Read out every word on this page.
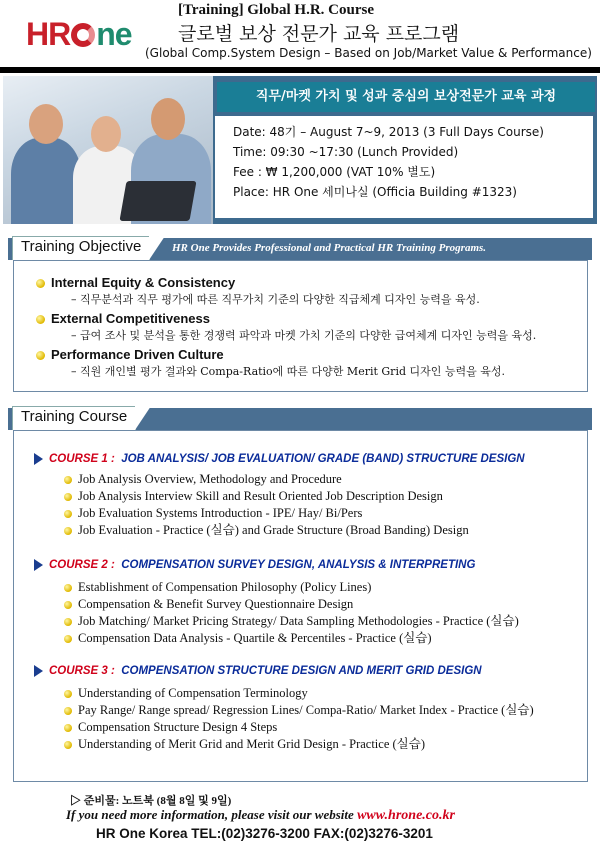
HR ne
[Training] Global H.R. Course
글로벌 보상 전문가 교육 프로그램
(Global Comp.System Design – Based on Job/Market Value & Performance)
직무/마켓 가치 및 성과 중심의 보상전문가 교육 과정
Date: 48기 – August 7~9, 2013 (3 Full Days Course)
Time: 09:30 ~17:30 (Lunch Provided)
Fee : ₩ 1,200,000 (VAT 10% 별도)
Place: HR One 세미나실 (Officia Building #1323)
Training Objective	HR One Provides Professional and Practical HR Training Programs.
Internal Equity & Consistency
– 직무분석과 직무 평가에 따른 직무가치 기준의 다양한 직급체계 디자인 능력을 육성.
External Competitiveness
– 급여 조사 및 분석을 통한 경쟁력 파악과 마켓 가치 기준의 다양한 급여체계 디자인 능력을 육성.
Performance Driven Culture
– 직원 개인별 평가 결과와 Compa-Ratio에 따른 다양한 Merit Grid 디자인 능력을 육성.
Training Course
COURSE 1 : JOB ANALYSIS/ JOB EVALUATION/ GRADE (BAND) STRUCTURE DESIGN
Job Analysis Overview, Methodology and Procedure
Job Analysis Interview Skill and Result Oriented Job Description Design
Job Evaluation Systems Introduction - IPE/ Hay/ Bi/Pers
Job Evaluation - Practice (실습) and Grade Structure (Broad Banding) Design
COURSE 2 : COMPENSATION SURVEY DESIGN, ANALYSIS & INTERPRETING
Establishment of Compensation Philosophy (Policy Lines)
Compensation & Benefit Survey Questionnaire Design
Job Matching/ Market Pricing Strategy/ Data Sampling Methodologies - Practice (실습)
Compensation Data Analysis - Quartile & Percentiles - Practice (실습)
COURSE 3 : COMPENSATION STRUCTURE DESIGN AND MERIT GRID DESIGN
Understanding of Compensation Terminology
Pay Range/ Range spread/ Regression Lines/ Compa-Ratio/ Market Index - Practice (실습)
Compensation Structure Design 4 Steps
Understanding of Merit Grid and Merit Grid Design - Practice (실습)
▷ 준비물: 노트북 (8월 8일 및 9일)
If you need more information, please visit our website www.hrone.co.kr
HR One Korea TEL:(02)3276-3200 FAX:(02)3276-3201
